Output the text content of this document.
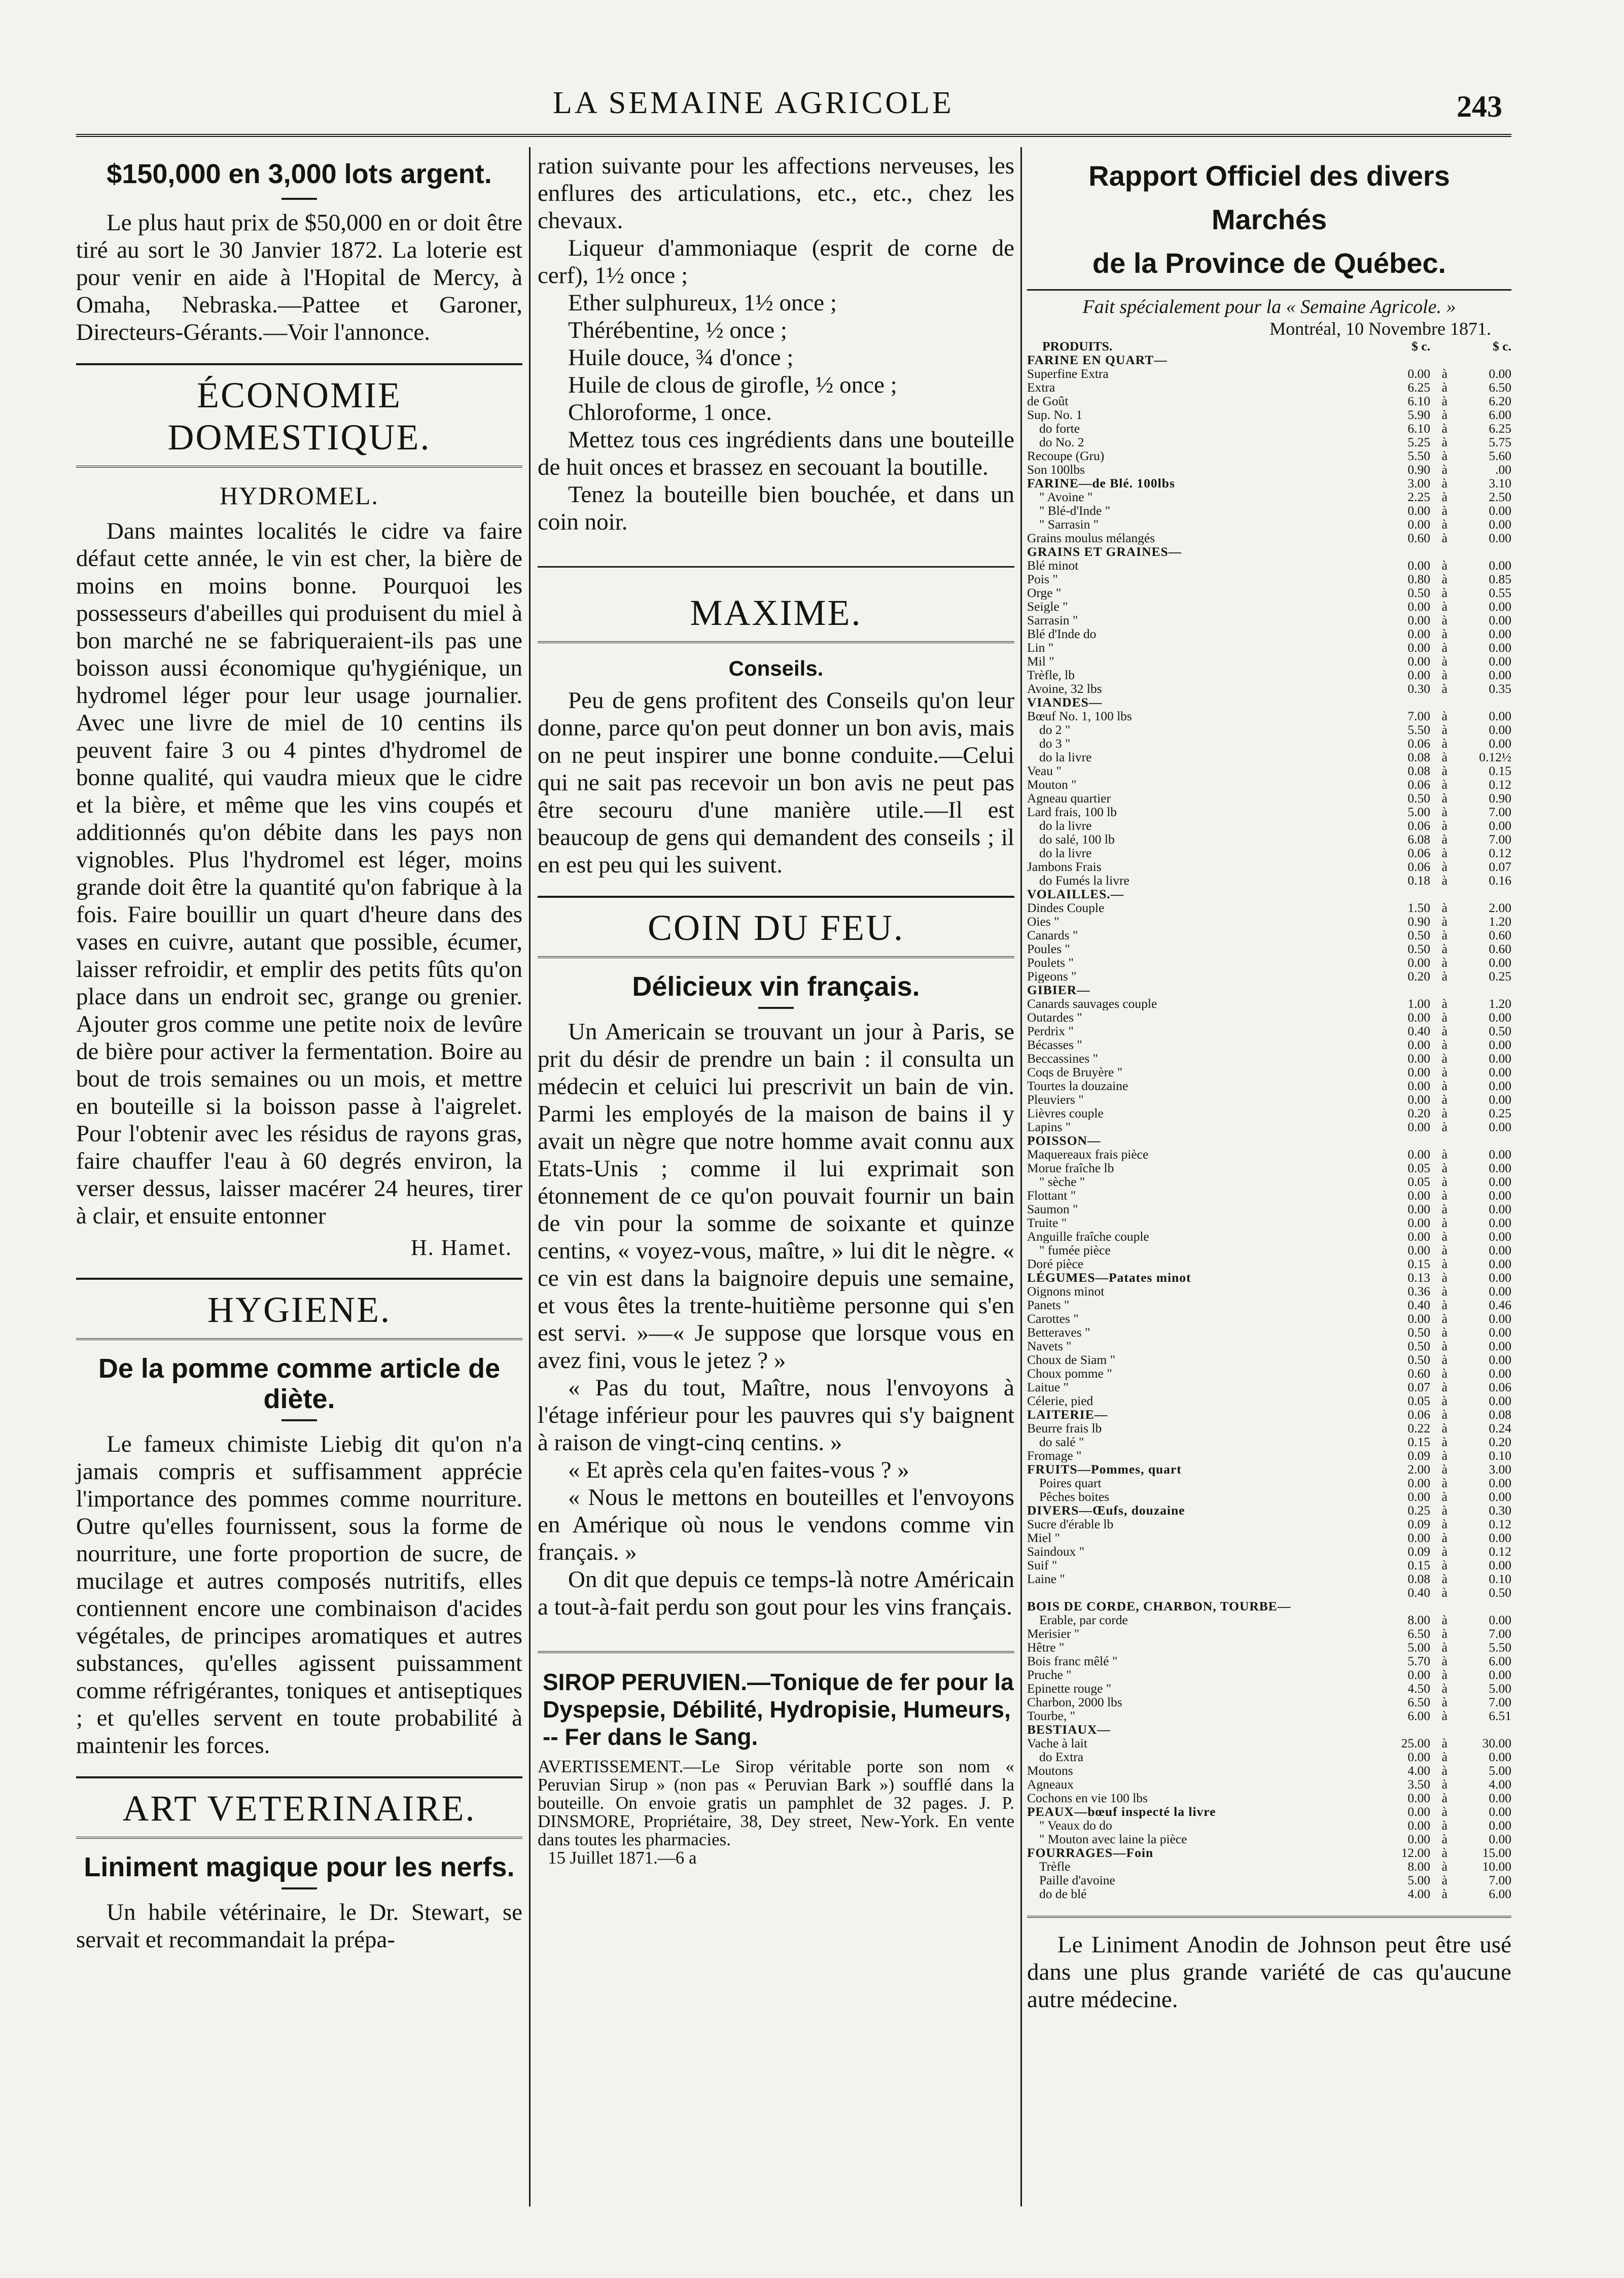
LA SEMAINE AGRICOLE	243
$150,000 en 3,000 lots argent.

Le plus haut prix de $50,000 en or doit être tiré au sort le 30 Janvier 1872. La loterie est pour venir en aide à l'Hopital de Mercy, à Omaha, Nebraska.—Pattee et Garoner, Directeurs-Gérants.—Voir l'annonce.

ÉCONOMIE DOMESTIQUE.
HYDROMEL.

Dans maintes localités le cidre va faire défaut cette année, le vin est cher, la bière de moins en moins bonne. Pourquoi les possesseurs d'abeilles qui produisent du miel à bon marché ne se fabriqueraient-ils pas une boisson aussi économique qu'hygiénique, un hydromel léger pour leur usage journalier. Avec une livre de miel de 10 centins ils peuvent faire 3 ou 4 pintes d'hydromel de bonne qualité, qui vaudra mieux que le cidre et la bière, et même que les vins coupés et additionnés qu'on débite dans les pays non vignobles. Plus l'hydromel est léger, moins grande doit être la quantité qu'on fabrique à la fois. Faire bouillir un quart d'heure dans des vases en cuivre, autant que possible, écumer, laisser refroidir, et emplir des petits fûts qu'on place dans un endroit sec, grange ou grenier. Ajouter gros comme une petite noix de levûre de bière pour activer la fermentation. Boire au bout de trois semaines ou un mois, et mettre en bouteille si la boisson passe à l'aigrelet. Pour l'obtenir avec les résidus de rayons gras, faire chauffer l'eau à 60 degrés environ, la verser dessus, laisser macérer 24 heures, tirer à clair, et ensuite entonner

H. Hamet.
HYGIENE.
De la pomme comme article de diète.

Le fameux chimiste Liebig dit qu'on n'a jamais compris et suffisamment apprécie l'importance des pommes comme nourriture. Outre qu'elles fournissent, sous la forme de nourriture, une forte proportion de sucre, de mucilage et autres composés nutritifs, elles contiennent encore une combinaison d'acides végétales, de principes aromatiques et autres substances, qu'elles agissent puissamment comme réfrigérantes, toniques et antiseptiques ; et qu'elles servent en toute probabilité à maintenir les forces.

ART VETERINAIRE.
Liniment magique pour les nerfs.

Un habile vétérinaire, le Dr. Stewart, se servait et recommandait la prépa-

ration suivante pour les affections nerveuses, les enflures des articulations, etc., etc., chez les chevaux.

Liqueur d'ammoniaque (esprit de corne de cerf), 1½ once ;

Ether sulphureux, 1½ once ;

Thérébentine, ½ once ;

Huile douce, ¾ d'once ;

Huile de clous de girofle, ½ once ;

Chloroforme, 1 once.

Mettez tous ces ingrédients dans une bouteille de huit onces et brassez en secouant la boutille.

Tenez la bouteille bien bouchée, et dans un coin noir.

MAXIME.
Conseils.

Peu de gens profitent des Conseils qu'on leur donne, parce qu'on peut donner un bon avis, mais on ne peut inspirer une bonne conduite.—Celui qui ne sait pas recevoir un bon avis ne peut pas être secouru d'une manière utile.—Il est beaucoup de gens qui demandent des conseils ; il en est peu qui les suivent.

COIN DU FEU.
Délicieux vin français.

Un Americain se trouvant un jour à Paris, se prit du désir de prendre un bain : il consulta un médecin et celuici lui prescrivit un bain de vin. Parmi les employés de la maison de bains il y avait un nègre que notre homme avait connu aux Etats-Unis ; comme il lui exprimait son étonnement de ce qu'on pouvait fournir un bain de vin pour la somme de soixante et quinze centins, « voyez-vous, maître, » lui dit le nègre. « ce vin est dans la baignoire depuis une semaine, et vous êtes la trente-huitième personne qui s'en est servi. »—« Je suppose que lorsque vous en avez fini, vous le jetez ? »

« Pas du tout, Maître, nous l'envoyons à l'étage inférieur pour les pauvres qui s'y baignent à raison de vingt-cinq centins. »

« Et après cela qu'en faites-vous ? »

« Nous le mettons en bouteilles et l'envoyons en Amérique où nous le vendons comme vin français. »

On dit que depuis ce temps-là notre Américain a tout-à-fait perdu son gout pour les vins français.

SIROP PERUVIEN.—Tonique de fer pour la Dyspepsie, Débilité, Hydropisie, Humeurs, -- Fer dans le Sang.

AVERTISSEMENT.—Le Sirop véritable porte son nom « Peruvian Sirup » (non pas « Peruvian Bark ») soufflé dans la bouteille. On envoie gratis un pamphlet de 32 pages. J. P. DINSMORE, Propriétaire, 38, Dey street, New-York. En vente dans toutes les pharmacies.

15 Juillet 1871.—6 a

Rapport Officiel des divers Marchés
de la Province de Québec.
Fait spécialement pour la « Semaine Agricole. »
Montréal, 10 Novembre 1871.
PRODUITS.	$ c.		$ c.
FARINE EN QUART—			
Superfine Extra	0.00	à	0.00
Extra	6.25	à	6.50
de Goût	6.10	à	6.20
Sup. No. 1	5.90	à	6.00
do forte	6.10	à	6.25
do No. 2	5.25	à	5.75
Recoupe (Gru)	5.50	à	5.60
Son 100lbs	0.90	à	.00
FARINE—de Blé. 100lbs	3.00	à	3.10
" Avoine "	2.25	à	2.50
" Blé-d'Inde "	0.00	à	0.00
" Sarrasin "	0.00	à	0.00
Grains moulus mélangés	0.60	à	0.00
GRAINS ET GRAINES—			
Blé minot	0.00	à	0.00
Pois "	0.80	à	0.85
Orge "	0.50	à	0.55
Seigle "	0.00	à	0.00
Sarrasin "	0.00	à	0.00
Blé d'Inde do	0.00	à	0.00
Lin "	0.00	à	0.00
Mil "	0.00	à	0.00
Trèfle, lb	0.00	à	0.00
Avoine, 32 lbs	0.30	à	0.35
VIANDES—			
Bœuf No. 1, 100 lbs	7.00	à	0.00
do 2 "	5.50	à	0.00
do 3 "	0.06	à	0.00
do la livre	0.08	à	0.12½
Veau "	0.08	à	0.15
Mouton "	0.06	à	0.12
Agneau quartier	0.50	à	0.90
Lard frais, 100 lb	5.00	à	7.00
do la livre	0.06	à	0.00
do salé, 100 lb	6.08	à	7.00
do la livre	0.06	à	0.12
Jambons Frais	0.06	à	0.07
do Fumés la livre	0.18	à	0.16
VOLAILLES.—			
Dindes Couple	1.50	à	2.00
Oies "	0.90	à	1.20
Canards "	0.50	à	0.60
Poules "	0.50	à	0.60
Poulets "	0.00	à	0.00
Pigeons "	0.20	à	0.25
GIBIER—			
Canards sauvages couple	1.00	à	1.20
Outardes "	0.00	à	0.00
Perdrix "	0.40	à	0.50
Bécasses "	0.00	à	0.00
Beccassines "	0.00	à	0.00
Coqs de Bruyère "	0.00	à	0.00
Tourtes la douzaine	0.00	à	0.00
Pleuviers "	0.00	à	0.00
Lièvres couple	0.20	à	0.25
Lapins "	0.00	à	0.00
POISSON—			
Maquereaux frais pièce	0.00	à	0.00
Morue fraîche lb	0.05	à	0.00
" sèche "	0.05	à	0.00
Flottant "	0.00	à	0.00
Saumon "	0.00	à	0.00
Truite "	0.00	à	0.00
Anguille fraîche couple	0.00	à	0.00
" fumée pièce	0.00	à	0.00
Doré pièce	0.15	à	0.00
LÉGUMES—Patates minot	0.13	à	0.00
Oignons minot	0.36	à	0.00
Panets "	0.40	à	0.46
Carottes "	0.00	à	0.00
Betteraves "	0.50	à	0.00
Navets "	0.50	à	0.00
Choux de Siam "	0.50	à	0.00
Choux pomme "	0.60	à	0.00
Laitue "	0.07	à	0.06
Célerie, pied	0.05	à	0.00
LAITERIE—	0.06	à	0.08
Beurre frais lb	0.22	à	0.24
do salé "	0.15	à	0.20
Fromage "	0.09	à	0.10
FRUITS—Pommes, quart	2.00	à	3.00
Poires quart	0.00	à	0.00
Pêches boites	0.00	à	0.00
DIVERS—Œufs, douzaine	0.25	à	0.30
Sucre d'érable lb	0.09	à	0.12
Miel "	0.00	à	0.00
Saindoux "	0.09	à	0.12
Suif "	0.15	à	0.00
Laine "	0.08	à	0.10
	0.40	à	0.50
BOIS DE CORDE, CHARBON, TOURBE—			
Erable, par corde	8.00	à	0.00
Merisier "	6.50	à	7.00
Hêtre "	5.00	à	5.50
Bois franc mêlé "	5.70	à	6.00
Pruche "	0.00	à	0.00
Epinette rouge "	4.50	à	5.00
Charbon, 2000 lbs	6.50	à	7.00
Tourbe, "	6.00	à	6.51
BESTIAUX—			
Vache à lait	25.00	à	30.00
do Extra	0.00	à	0.00
Moutons	4.00	à	5.00
Agneaux	3.50	à	4.00
Cochons en vie 100 lbs	0.00	à	0.00
PEAUX—bœuf inspecté la livre	0.00	à	0.00
" Veaux do do	0.00	à	0.00
" Mouton avec laine la pièce	0.00	à	0.00
FOURRAGES—Foin	12.00	à	15.00
Trèfle	8.00	à	10.00
Paille d'avoine	5.00	à	7.00
do de blé	4.00	à	6.00

Le Liniment Anodin de Johnson peut être usé dans une plus grande variété de cas qu'aucune autre médecine.
